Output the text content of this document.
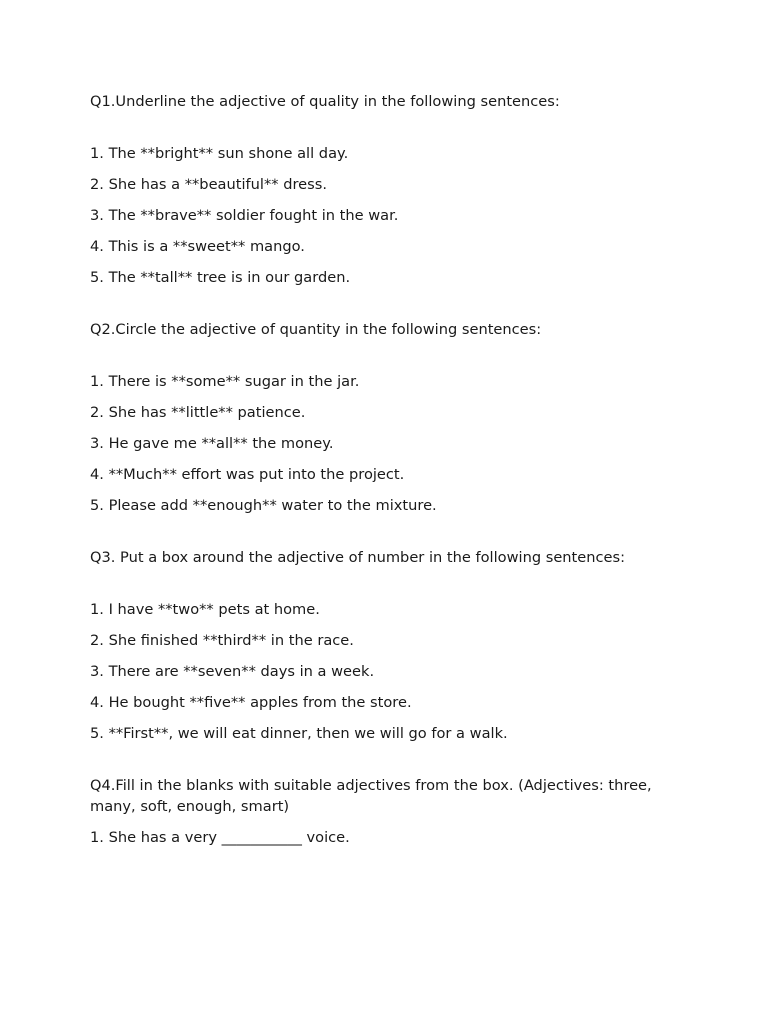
Q1.Underline the adjective of quality in the following sentences:

1. The **bright** sun shone all day.

2. She has a **beautiful** dress.

3. The **brave** soldier fought in the war.

4. This is a **sweet** mango.

5. The **tall** tree is in our garden.

Q2.Circle the adjective of quantity in the following sentences:

1. There is **some** sugar in the jar.

2. She has **little** patience.

3. He gave me **all** the money.

4. **Much** effort was put into the project.

5. Please add **enough** water to the mixture.

Q3. Put a box around the adjective of number in the following sentences:

1. I have **two** pets at home.

2. She finished **third** in the race.

3. There are **seven** days in a week.

4. He bought **five** apples from the store.

5. **First**, we will eat dinner, then we will go for a walk.

Q4.Fill in the blanks with suitable adjectives from the box. (Adjectives: three, many, soft, enough, smart)

1. She has a very ___________ voice.
